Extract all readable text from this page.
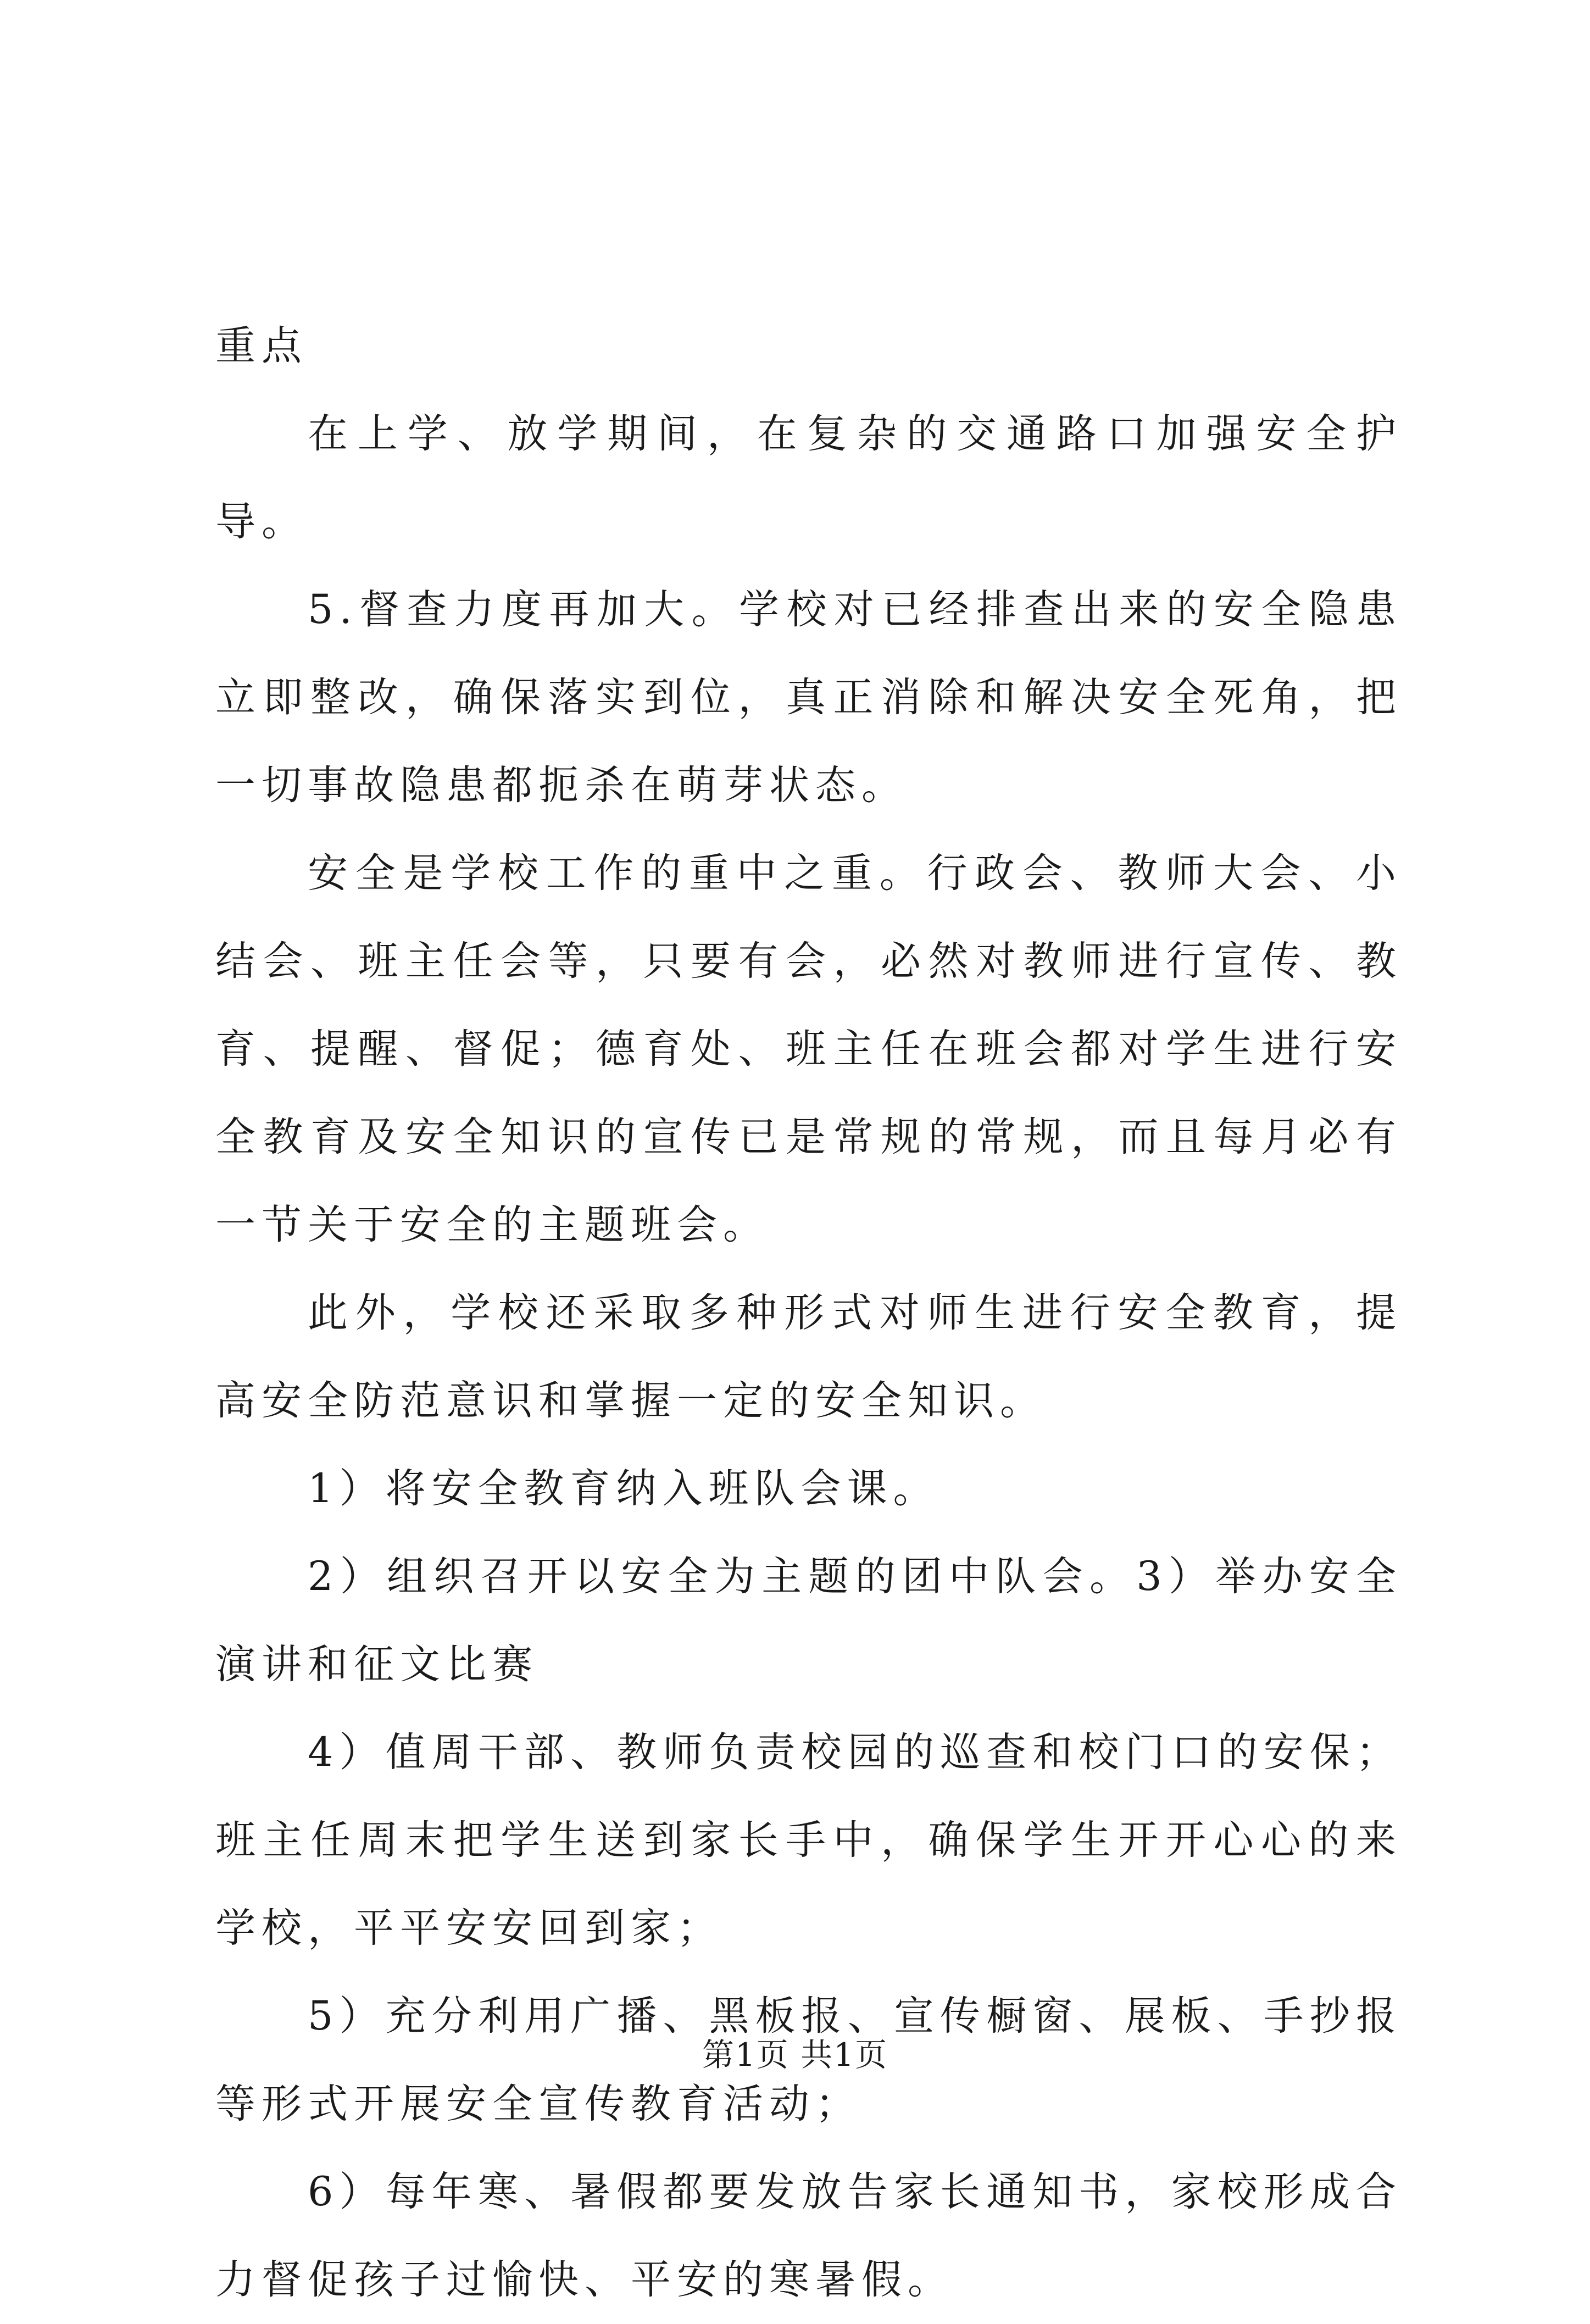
重点

在上学、放学期间，在复杂的交通路口加强安全护导。

5.督查力度再加大。学校对已经排查出来的安全隐患立即整改，确保落实到位，真正消除和解决安全死角，把一切事故隐患都扼杀在萌芽状态。

安全是学校工作的重中之重。行政会、教师大会、小结会、班主任会等，只要有会，必然对教师进行宣传、教育、提醒、督促；德育处、班主任在班会都对学生进行安全教育及安全知识的宣传已是常规的常规，而且每月必有一节关于安全的主题班会。

此外，学校还采取多种形式对师生进行安全教育，提高安全防范意识和掌握一定的安全知识。

1）将安全教育纳入班队会课。

2）组织召开以安全为主题的团中队会。3）举办安全演讲和征文比赛

4）值周干部、教师负责校园的巡查和校门口的安保；班主任周末把学生送到家长手中，确保学生开开心心的来学校，平平安安回到家；

5）充分利用广播、黑板报、宣传橱窗、展板、手抄报等形式开展安全宣传教育活动；

6）每年寒、暑假都要发放告家长通知书，家校形成合力督促孩子过愉快、平安的寒暑假。

第1页 共1页
